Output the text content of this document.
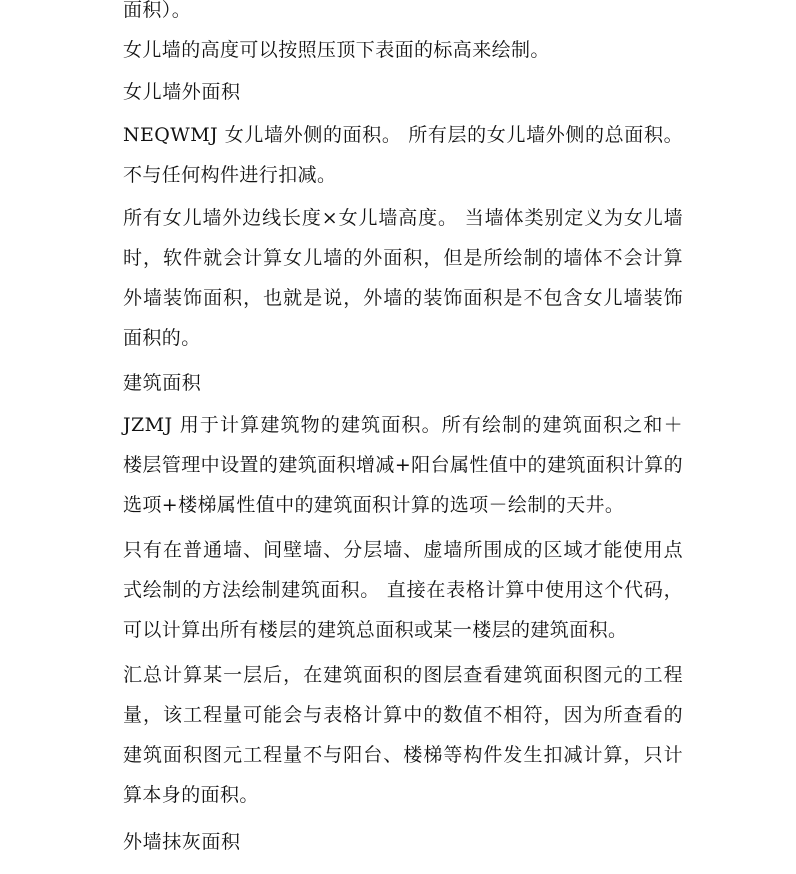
面积）。
女儿墙的高度可以按照压顶下表面的标高来绘制。
女儿墙外面积
NEQWMJ 女儿墙外侧的面积。 所有层的女儿墙外侧的总面积。不与任何构件进行扣减。
所有女儿墙外边线长度×女儿墙高度。 当墙体类别定义为女儿墙时，软件就会计算女儿墙的外面积，但是所绘制的墙体不会计算外墙装饰面积，也就是说，外墙的装饰面积是不包含女儿墙装饰面积的。
建筑面积
JZMJ 用于计算建筑物的建筑面积。所有绘制的建筑面积之和＋楼层管理中设置的建筑面积增减+阳台属性值中的建筑面积计算的选项+楼梯属性值中的建筑面积计算的选项－绘制的天井。
只有在普通墙、间壁墙、分层墙、虚墙所围成的区域才能使用点式绘制的方法绘制建筑面积。 直接在表格计算中使用这个代码，可以计算出所有楼层的建筑总面积或某一楼层的建筑面积。
汇总计算某一层后，在建筑面积的图层查看建筑面积图元的工程量，该工程量可能会与表格计算中的数值不相符，因为所查看的建筑面积图元工程量不与阳台、楼梯等构件发生扣减计算，只计算本身的面积。
外墙抹灰面积
